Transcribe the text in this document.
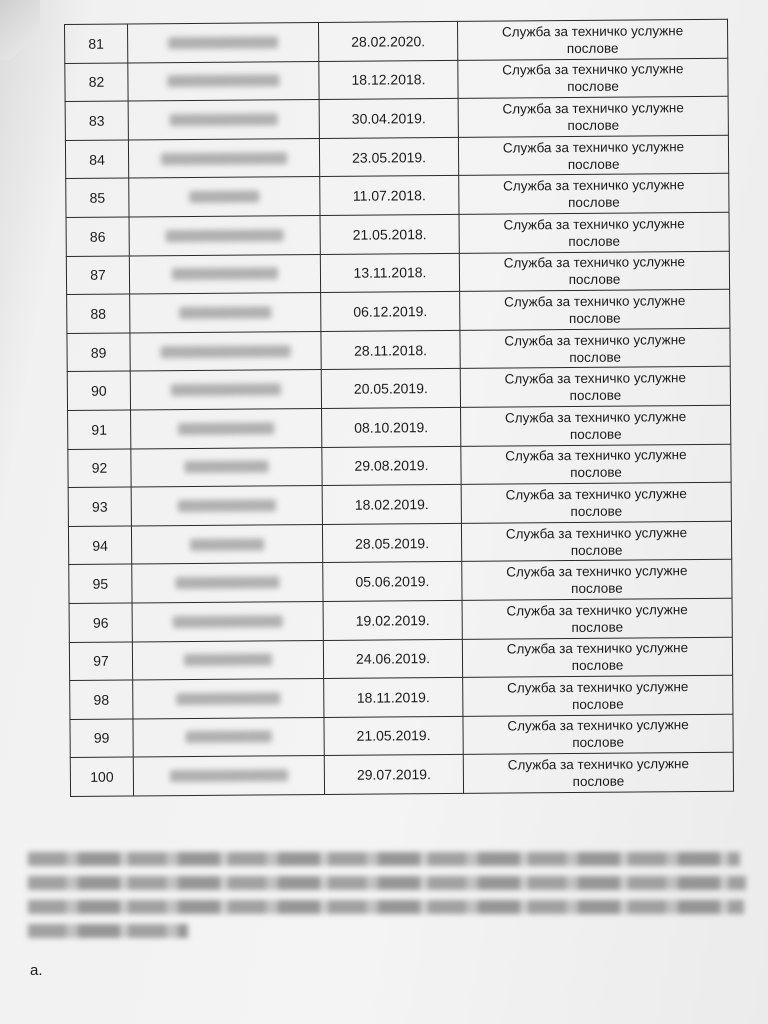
81		28.02.2020.	Служба за техничко услужне
послове

82		18.12.2018.	Служба за техничко услужне
послове

83		30.04.2019.	Служба за техничко услужне
послове

84		23.05.2019.	Служба за техничко услужне
послове

85		11.07.2018.	Служба за техничко услужне
послове

86		21.05.2018.	Служба за техничко услужне
послове

87		13.11.2018.	Служба за техничко услужне
послове

88		06.12.2019.	Служба за техничко услужне
послове

89		28.11.2018.	Служба за техничко услужне
послове

90		20.05.2019.	Служба за техничко услужне
послове

91		08.10.2019.	Служба за техничко услужне
послове

92		29.08.2019.	Служба за техничко услужне
послове

93		18.02.2019.	Служба за техничко услужне
послове

94		28.05.2019.	Служба за техничко услужне
послове

95		05.06.2019.	Служба за техничко услужне
послове

96		19.02.2019.	Служба за техничко услужне
послове

97		24.06.2019.	Служба за техничко услужне
послове

98		18.11.2019.	Служба за техничко услужне
послове

99		21.05.2019.	Служба за техничко услужне
послове

100		29.07.2019.	Служба за техничко услужне
послове
а.
